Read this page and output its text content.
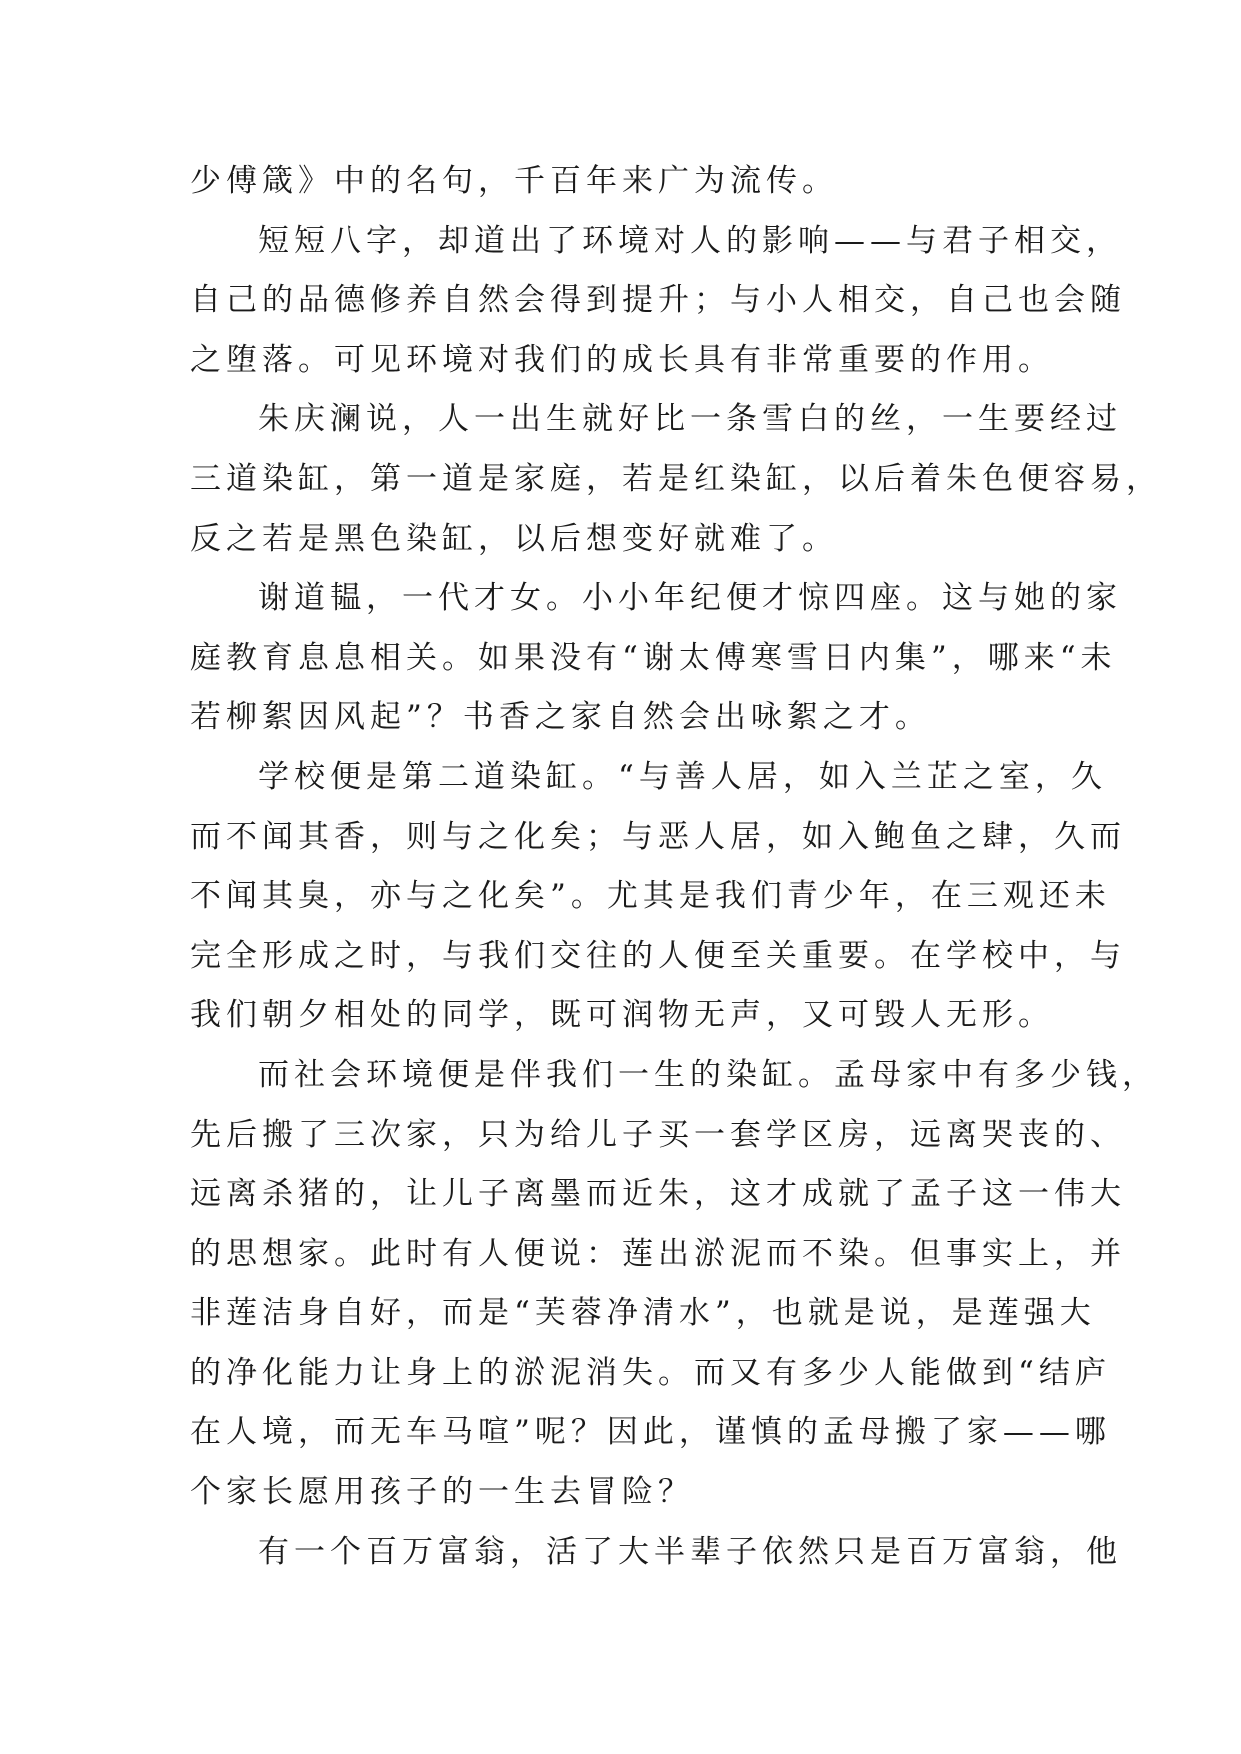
少傅箴》中的名句，千百年来广为流传。
短短八字，却道出了环境对人的影响——与君子相交，
自己的品德修养自然会得到提升；与小人相交，自己也会随
之堕落。可见环境对我们的成长具有非常重要的作用。
朱庆澜说，人一出生就好比一条雪白的丝，一生要经过
三道染缸，第一道是家庭，若是红染缸，以后着朱色便容易，
反之若是黑色染缸，以后想变好就难了。
谢道韫，一代才女。小小年纪便才惊四座。这与她的家
庭教育息息相关。如果没有“谢太傅寒雪日内集”，哪来“未
若柳絮因风起”？书香之家自然会出咏絮之才。
学校便是第二道染缸。“与善人居，如入兰芷之室，久
而不闻其香，则与之化矣；与恶人居，如入鲍鱼之肆，久而
不闻其臭，亦与之化矣”。尤其是我们青少年，在三观还未
完全形成之时，与我们交往的人便至关重要。在学校中，与
我们朝夕相处的同学，既可润物无声，又可毁人无形。
而社会环境便是伴我们一生的染缸。孟母家中有多少钱，
先后搬了三次家，只为给儿子买一套学区房，远离哭丧的、
远离杀猪的，让儿子离墨而近朱，这才成就了孟子这一伟大
的思想家。此时有人便说：莲出淤泥而不染。但事实上，并
非莲洁身自好，而是“芙蓉净清水”，也就是说，是莲强大
的净化能力让身上的淤泥消失。而又有多少人能做到“结庐
在人境，而无车马喧”呢？因此，谨慎的孟母搬了家——哪
个家长愿用孩子的一生去冒险？
有一个百万富翁，活了大半辈子依然只是百万富翁，他
